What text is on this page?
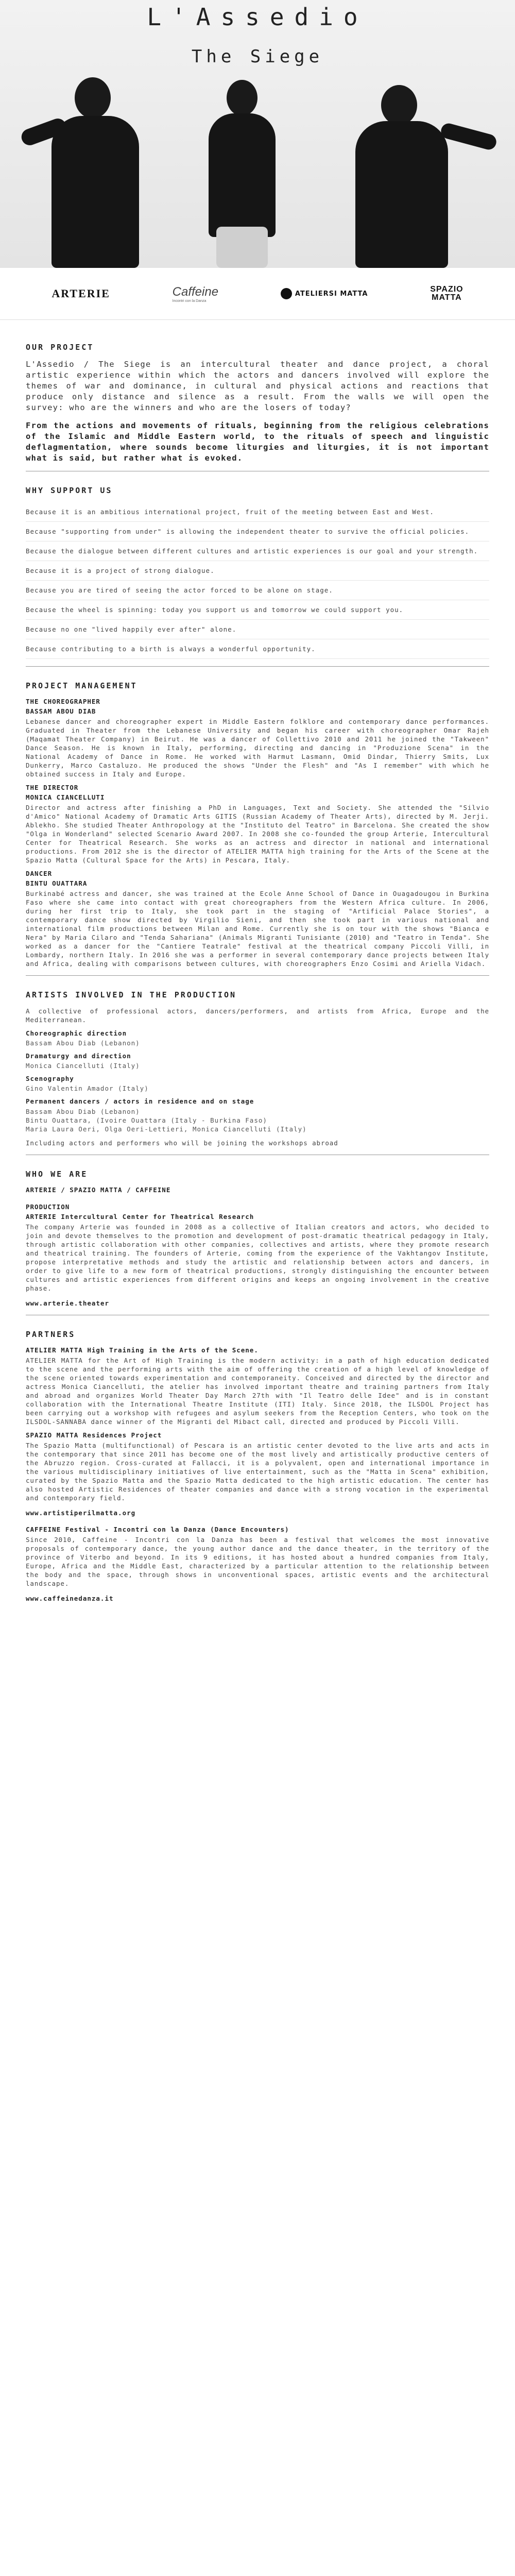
L'Assedio
The Siege
ARTERIE	Caffeine
Incontri con la Danza
ATELIERSI MATTA	SPAZIO
MATTA
OUR PROJECT

L'Assedio / The Siege is an intercultural theater and dance project, a choral artistic experience within which the actors and dancers involved will explore the themes of war and dominance, in cultural and physical actions and reactions that produce only distance and silence as a result. From the walls we will open the survey: who are the winners and who are the losers of today?

From the actions and movements of rituals, beginning from the religious celebrations of the Islamic and Middle Eastern world, to the rituals of speech and linguistic deflagmentation, where sounds become liturgies and liturgies, it is not important what is said, but rather what is evoked.

WHY SUPPORT US
Because it is an ambitious international project, fruit of the meeting between East and West.
Because "supporting from under" is allowing the independent theater to survive the official policies.
Because the dialogue between different cultures and artistic experiences is our goal and your strength.
Because it is a project of strong dialogue.
Because you are tired of seeing the actor forced to be alone on stage.
Because the wheel is spinning: today you support us and tomorrow we could support you.
Because no one "lived happily ever after" alone.
Because contributing to a birth is always a wonderful opportunity.
PROJECT MANAGEMENT
THE CHOREOGRAPHER
BASSAM ABOU DIAB

Lebanese dancer and choreographer expert in Middle Eastern folklore and contemporary dance performances. Graduated in Theater from the Lebanese University and began his career with choreographer Omar Rajeh (Maqamat Theater Company) in Beirut. He was a dancer of Collettivo 2010 and 2011 he joined the "Takween" Dance Season. He is known in Italy, performing, directing and dancing in "Produzione Scena" in the National Academy of Dance in Rome. He worked with Harmut Lasmann, Omid Dindar, Thierry Smits, Lux Dunkerry, Marco Castaluzo. He produced the shows "Under the Flesh" and "As I remember" with which he obtained success in Italy and Europe.

THE DIRECTOR
MONICA CIANCELLUTI

Director and actress after finishing a PhD in Languages, Text and Society. She attended the "Silvio d'Amico" National Academy of Dramatic Arts GITIS (Russian Academy of Theater Arts), directed by M. Jerji. Ablekho. She studied Theater Anthropology at the "Instituto del Teatro" in Barcelona. She created the show "Olga in Wonderland" selected Scenario Award 2007. In 2008 she co-founded the group Arterie, Intercultural Center for Theatrical Research. She works as an actress and director in national and international productions. From 2012 she is the director of ATELIER MATTA high training for the Arts of the Scene at the Spazio Matta (Cultural Space for the Arts) in Pescara, Italy.

DANCER
BINTU OUATTARA

Burkinabé actress and dancer, she was trained at the Ecole Anne School of Dance in Ouagadougou in Burkina Faso where she came into contact with great choreographers from the Western Africa culture. In 2006, during her first trip to Italy, she took part in the staging of "Artificial Palace Stories", a contemporary dance show directed by Virgilio Sieni, and then she took part in various national and international film productions between Milan and Rome. Currently she is on tour with the shows "Bianca e Nera" by Maria Cilaro and "Tenda Sahariana" (Animals Migranti Tunisiante (2010) and "Teatro in Tenda". She worked as a dancer for the "Cantiere Teatrale" festival at the theatrical company Piccoli Villi, in Lombardy, northern Italy. In 2016 she was a performer in several contemporary dance projects between Italy and Africa, dealing with comparisons between cultures, with choreographers Enzo Cosimi and Ariella Vidach.

ARTISTS INVOLVED IN THE PRODUCTION

A collective of professional actors, dancers/performers, and artists from Africa, Europe and the Mediterranean.

Choreographic direction
Bassam Abou Diab (Lebanon)
Dramaturgy and direction
Monica Ciancelluti (Italy)
Scenography
Gino Valentin Amador (Italy)
Permanent dancers / actors in residence and on stage
Bassam Abou Diab (Lebanon)
Bintu Ouattara, (Ivoire Ouattara (Italy - Burkina Faso)
Maria Laura Oeri, Olga Oeri-Lettieri, Monica Ciancelluti (Italy)

Including actors and performers who will be joining the workshops abroad

WHO WE ARE
ARTERIE / SPAZIO MATTA / CAFFEINE
PRODUCTION
ARTERIE Intercultural Center for Theatrical Research

The company Arterie was founded in 2008 as a collective of Italian creators and actors, who decided to join and devote themselves to the promotion and development of post-dramatic theatrical pedagogy in Italy, through artistic collaboration with other companies, collectives and artists, where they promote research and theatrical training. The founders of Arterie, coming from the experience of the Vakhtangov Institute, propose interpretative methods and study the artistic and relationship between actors and dancers, in order to give life to a new form of theatrical productions, strongly distinguishing the encounter between cultures and artistic experiences from different origins and keeps an ongoing involvement in the creative phase.

www.arterie.theater
PARTNERS
ATELIER MATTA High Training in the Arts of the Scene.

ATELIER MATTA for the Art of High Training is the modern activity: in a path of high education dedicated to the scene and the performing arts with the aim of offering the creation of a high level of knowledge of the scene oriented towards experimentation and contemporaneity. Conceived and directed by the director and actress Monica Ciancelluti, the atelier has involved important theatre and training partners from Italy and abroad and organizes World Theater Day March 27th with "Il Teatro delle Idee" and is in constant collaboration with the International Theatre Institute (ITI) Italy. Since 2018, the ILSDOL Project has been carrying out a workshop with refugees and asylum seekers from the Reception Centers, who took on the ILSDOL-SANNABA dance winner of the Migranti del Mibact call, directed and produced by Piccoli Villi.

SPAZIO MATTA Residences Project

The Spazio Matta (multifunctional) of Pescara is an artistic center devoted to the live arts and acts in the contemporary that since 2011 has become one of the most lively and artistically productive centers of the Abruzzo region. Cross-curated at Fallacci, it is a polyvalent, open and international importance in the various multidisciplinary initiatives of live entertainment, such as the "Matta in Scena" exhibition, curated by the Spazio Matta and the Spazio Matta dedicated to the high artistic education. The center has also hosted Artistic Residences of theater companies and dance with a strong vocation in the experimental and contemporary field.

www.artistiperilmatta.org
CAFFEINE Festival - Incontri con la Danza (Dance Encounters)

Since 2010, Caffeine - Incontri con la Danza has been a festival that welcomes the most innovative proposals of contemporary dance, the young author dance and the dance theater, in the territory of the province of Viterbo and beyond. In its 9 editions, it has hosted about a hundred companies from Italy, Europe, Africa and the Middle East, characterized by a particular attention to the relationship between the body and the space, through shows in unconventional spaces, artistic events and the architectural landscape.

www.caffeinedanza.it
